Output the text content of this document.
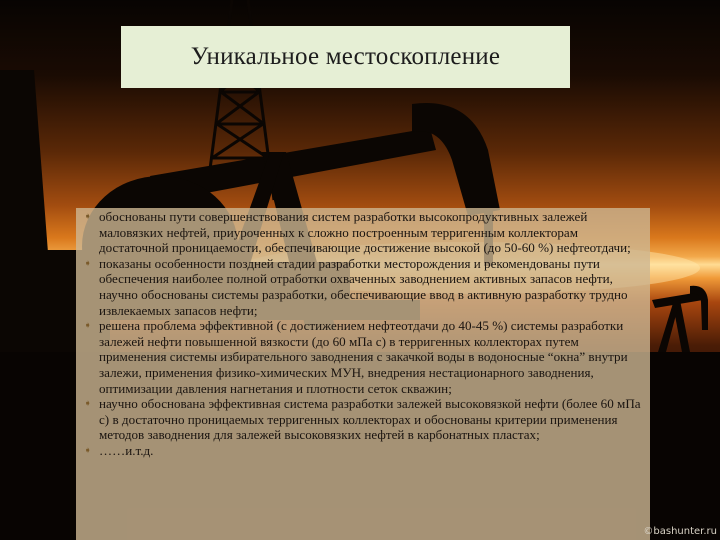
Уникальное местоскопление
➧ обоснованы пути совершенствования систем разработки высокопродуктивных залежей маловязких нефтей, приуроченных к сложно построенным терригенным коллекторам достаточной проницаемости, обеспечивающие достижение высокой (до 50-60 %) нефтеотдачи;
➧ показаны особенности поздней стадии разработки месторождения и рекомендованы пути обеспечения наиболее полной отработки охваченных заводнением активных запасов нефти, научно обоснованы системы разработки, обеспечивающие ввод в активную разработку трудно извлекаемых запасов нефти;
➧ решена проблема эффективной (с достижением нефтеотдачи до 40-45 %) системы разработки залежей нефти повышенной вязкости (до 60 мПа с) в терригенных коллекторах путем применения системы избирательного заводнения с закачкой воды в водоносные “окна” внутри залежи, применения физико-химических МУН, внедрения нестационарного заводнения, оптимизации давления нагнетания и плотности сеток скважин;
➧ научно обоснована эффективная система разработки залежей высоковязкой нефти (более 60 мПа с) в достаточно проницаемых терригенных коллекторах и обоснованы критерии применения методов заводнения для залежей высоковязких нефтей в карбонатных пластах;
➧ ……и.т.д.
©bashunter.ru
